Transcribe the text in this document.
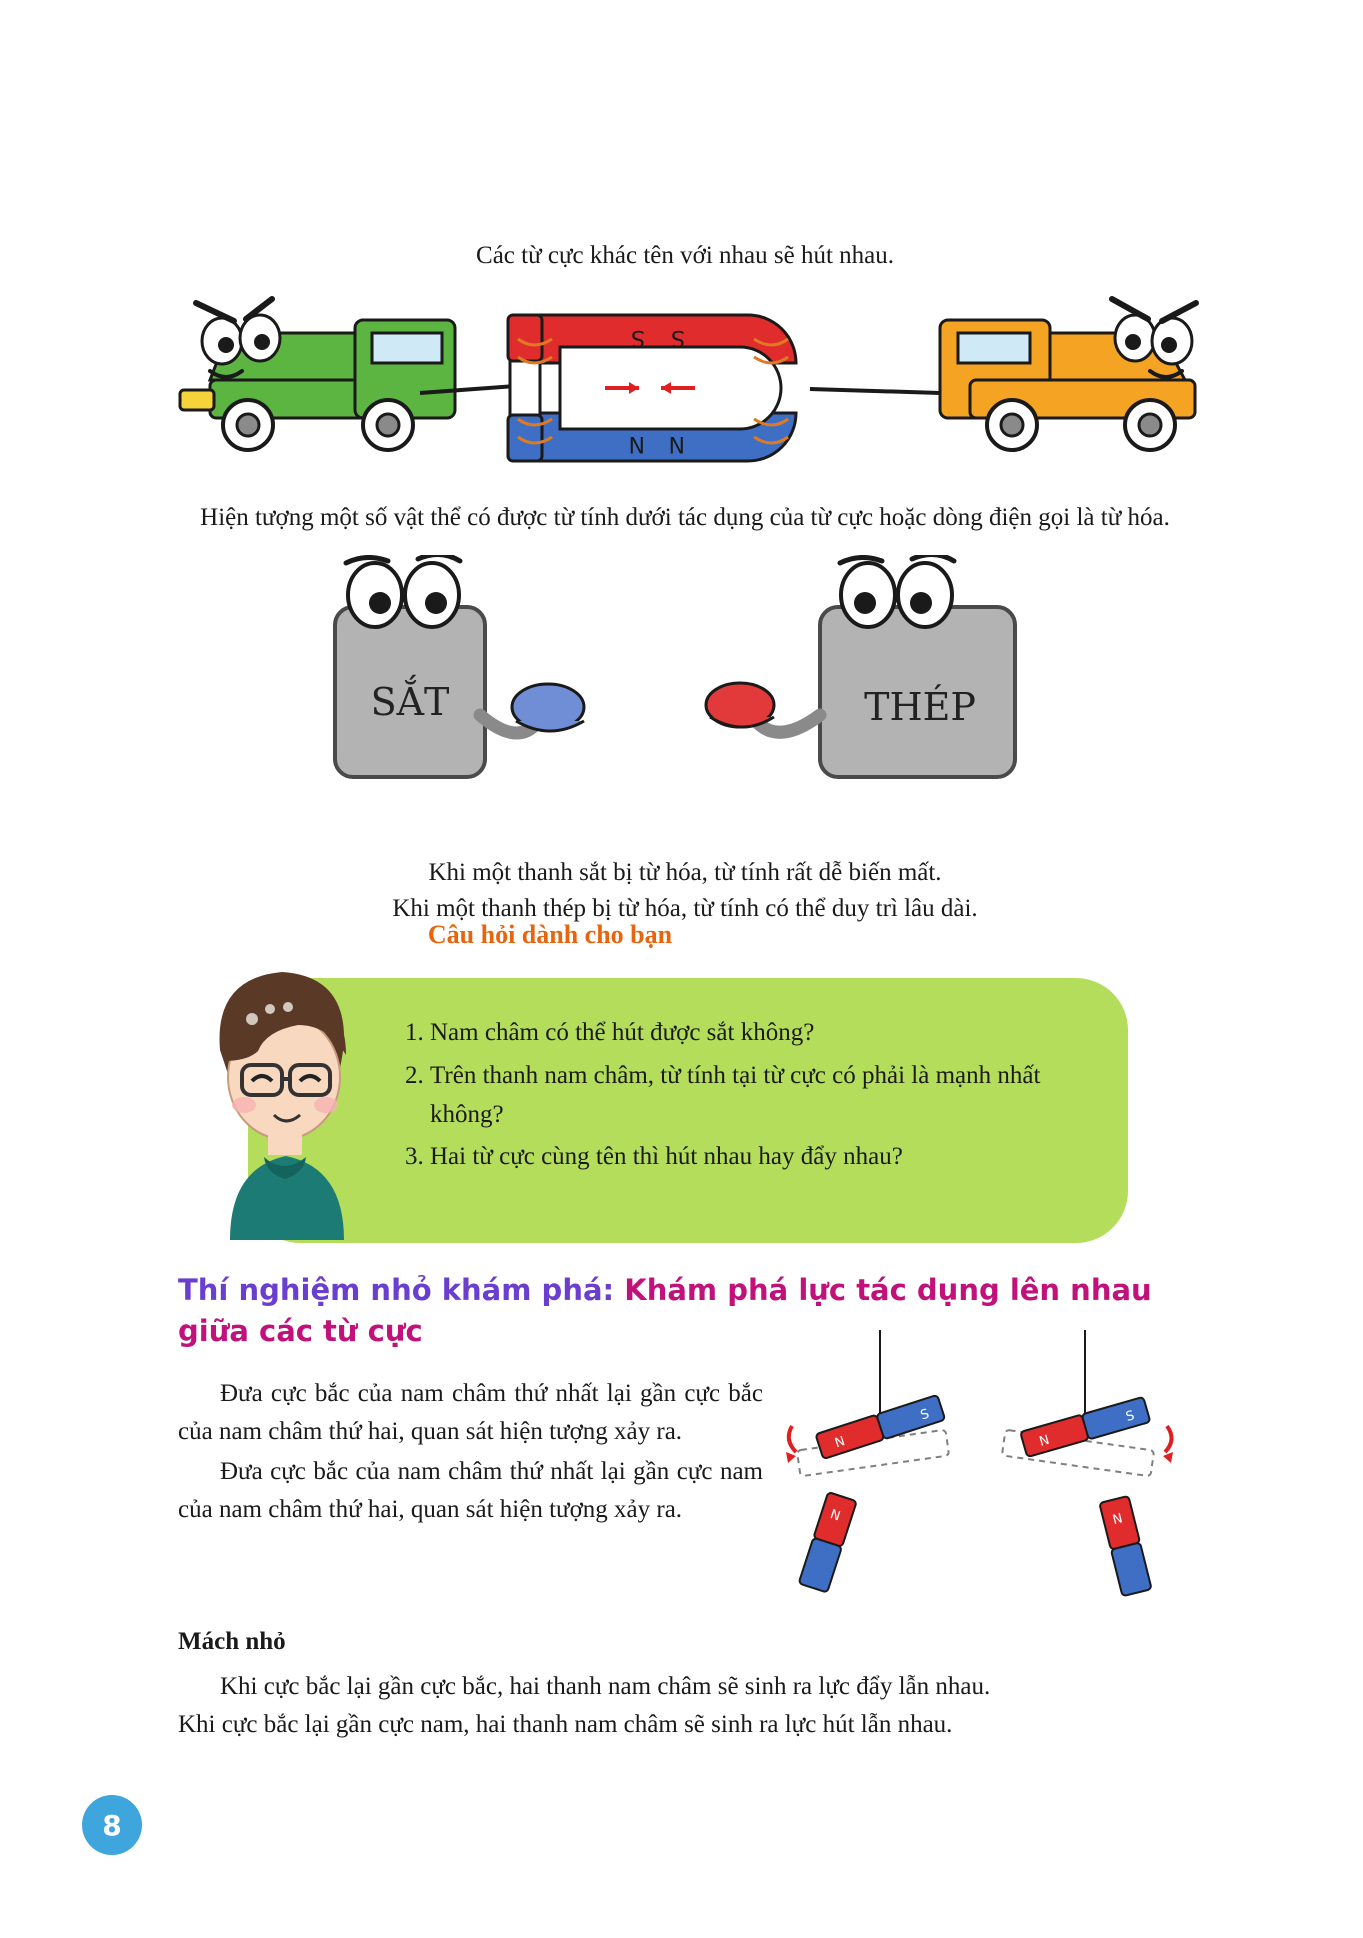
Các từ cực khác tên với nhau sẽ hút nhau.
S S
N N
Hiện tượng một số vật thể có được từ tính dưới tác dụng của từ cực hoặc dòng điện gọi là từ hóa.
SẮT	THÉP
Khi một thanh sắt bị từ hóa, từ tính rất dễ biến mất.
Khi một thanh thép bị từ hóa, từ tính có thể duy trì lâu dài.
Câu hỏi dành cho bạn
1. Nam châm có thể hút được sắt không?
2. Trên thanh nam châm, từ tính tại từ cực có phải là mạnh nhất không?
3. Hai từ cực cùng tên thì hút nhau hay đẩy nhau?
Thí nghiệm nhỏ khám phá: Khám phá lực tác dụng lên nhau giữa các từ cực

Đưa cực bắc của nam châm thứ nhất lại gần cực bắc của nam châm thứ hai, quan sát hiện tượng xảy ra.

Đưa cực bắc của nam châm thứ nhất lại gần cực nam của nam châm thứ hai, quan sát hiện tượng xảy ra.

N
S
N
N
S
N
Mách nhỏ

Khi cực bắc lại gần cực bắc, hai thanh nam châm sẽ sinh ra lực đẩy lẫn nhau.

Khi cực bắc lại gần cực nam, hai thanh nam châm sẽ sinh ra lực hút lẫn nhau.

8
